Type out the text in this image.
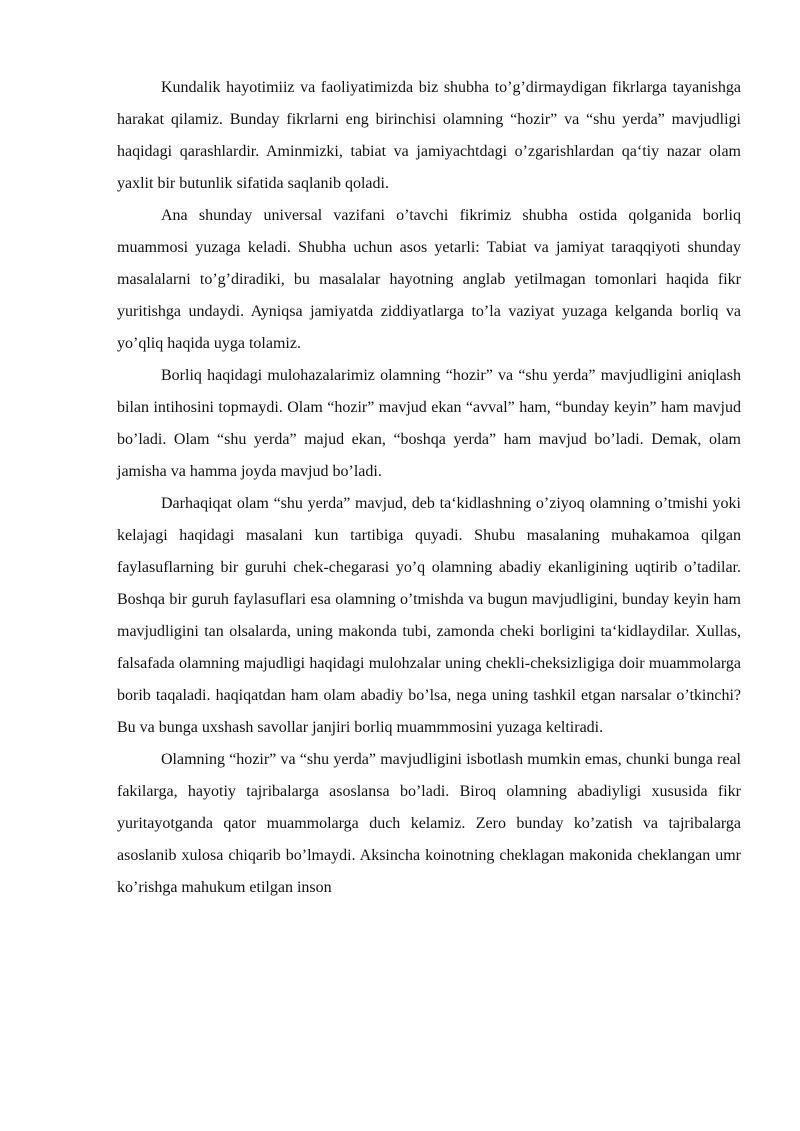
Kundalik hayotimiiz va faoliyatimizda biz shubha to’g’dirmaydigan fikrlarga tayanishga harakat qilamiz. Bunday fikrlarni eng birinchisi olamning “hozir” va “shu yerda” mavjudligi haqidagi qarashlardir. Aminmizki, tabiat va jamiyachtdagi o’zgarishlardan qa‘tiy nazar olam yaxlit bir butunlik sifatida saqlanib qoladi.

Ana shunday universal vazifani o’tavchi fikrimiz shubha ostida qolganida borliq muammosi yuzaga keladi. Shubha uchun asos yetarli: Tabiat va jamiyat taraqqiyoti shunday masalalarni to’g’diradiki, bu masalalar hayotning anglab yetilmagan tomonlari haqida fikr yuritishga undaydi. Ayniqsa jamiyatda ziddiyatlarga to’la vaziyat yuzaga kelganda borliq va yo’qliq haqida uyga tolamiz.

Borliq haqidagi mulohazalarimiz olamning “hozir” va “shu yerda” mavjudligini aniqlash bilan intihosini topmaydi. Olam “hozir” mavjud ekan “avval” ham, “bunday keyin” ham mavjud bo’ladi. Olam “shu yerda” majud ekan, “boshqa yerda” ham mavjud bo’ladi. Demak, olam jamisha va hamma joyda mavjud bo’ladi.

Darhaqiqat olam “shu yerda” mavjud, deb ta‘kidlashning o’ziyoq olamning o’tmishi yoki kelajagi haqidagi masalani kun tartibiga quyadi. Shubu masalaning muhakamoa qilgan faylasuflarning bir guruhi chek-chegarasi yo’q olamning abadiy ekanligining uqtirib o’tadilar. Boshqa bir guruh faylasuflari esa olamning o’tmishda va bugun mavjudligini, bunday keyin ham mavjudligini tan olsalarda, uning makonda tubi, zamonda cheki borligini ta‘kidlaydilar. Xullas, falsafada olamning majudligi haqidagi mulohzalar uning chekli-cheksizligiga doir muammolarga borib taqaladi. haqiqatdan ham olam abadiy bo’lsa, nega uning tashkil etgan narsalar o’tkinchi? Bu va bunga uxshash savollar janjiri borliq muammmosini yuzaga keltiradi.

Olamning “hozir” va “shu yerda” mavjudligini isbotlash mumkin emas, chunki bunga real fakilarga, hayotiy tajribalarga asoslansa bo’ladi. Biroq olamning abadiyligi xususida fikr yuritayotganda qator muammolarga duch kelamiz. Zero bunday ko’zatish va tajribalarga asoslanib xulosa chiqarib bo’lmaydi. Aksincha koinotning cheklagan makonida cheklangan umr ko’rishga mahukum etilgan inson
